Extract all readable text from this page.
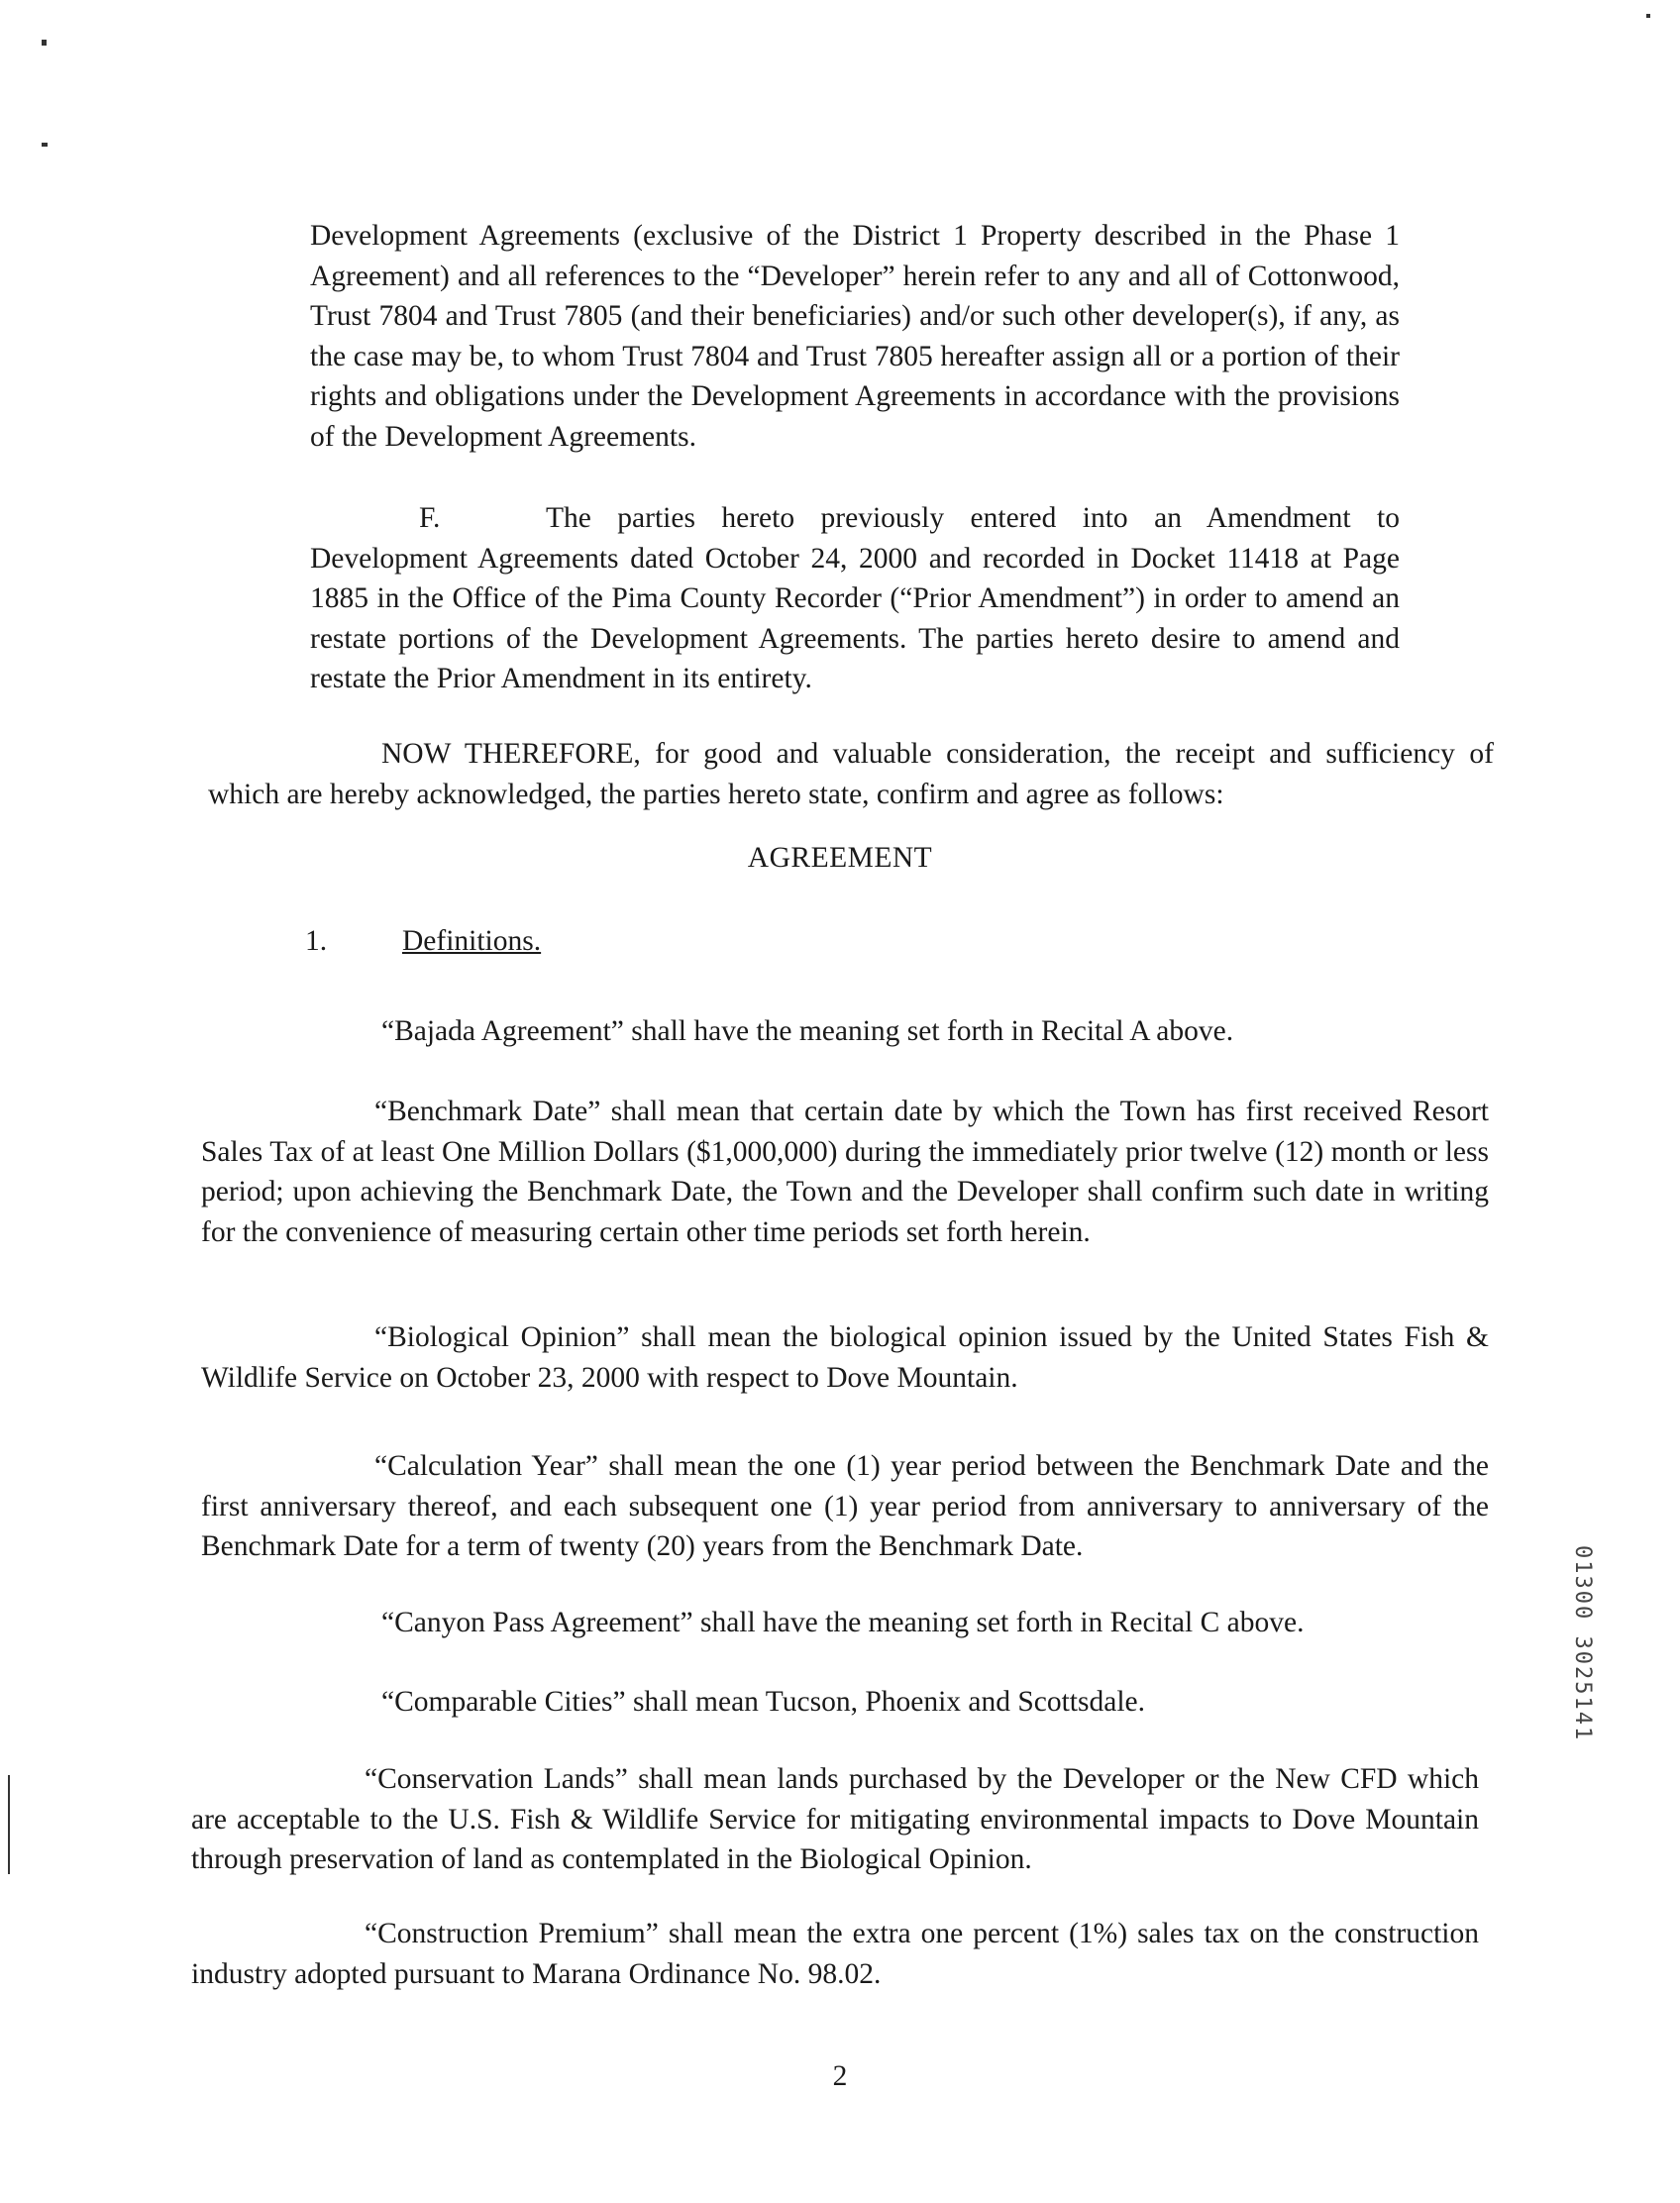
Development Agreements (exclusive of the District 1 Property described in the Phase 1 Agreement) and all references to the “Developer” herein refer to any and all of Cottonwood, Trust 7804 and Trust 7805 (and their beneficiaries) and/or such other developer(s), if any, as the case may be, to whom Trust 7804 and Trust 7805 hereafter assign all or a portion of their rights and obligations under the Development Agreements in accordance with the provisions of the Development Agreements.

F.	The parties hereto previously entered into an Amendment to Development Agreements dated October 24, 2000 and recorded in Docket 11418 at Page 1885 in the Office of the Pima County Recorder (“Prior Amendment”) in order to amend an restate portions of the Development Agreements. The parties hereto desire to amend and restate the Prior Amendment in its entirety.

NOW THEREFORE, for good and valuable consideration, the receipt and sufficiency of which are hereby acknowledged, the parties hereto state, confirm and agree as follows:

AGREEMENT
1.	Definitions.

“Bajada Agreement” shall have the meaning set forth in Recital A above.

“Benchmark Date” shall mean that certain date by which the Town has first received Resort Sales Tax of at least One Million Dollars ($1,000,000) during the immediately prior twelve (12) month or less period; upon achieving the Benchmark Date, the Town and the Developer shall confirm such date in writing for the convenience of measuring certain other time periods set forth herein.

“Biological Opinion” shall mean the biological opinion issued by the United States Fish & Wildlife Service on October 23, 2000 with respect to Dove Mountain.

“Calculation Year” shall mean the one (1) year period between the Benchmark Date and the first anniversary thereof, and each subsequent one (1) year period from anniversary to anniversary of the Benchmark Date for a term of twenty (20) years from the Benchmark Date.

“Canyon Pass Agreement” shall have the meaning set forth in Recital C above.

“Comparable Cities” shall mean Tucson, Phoenix and Scottsdale.

“Conservation Lands” shall mean lands purchased by the Developer or the New CFD which are acceptable to the U.S. Fish & Wildlife Service for mitigating environmental impacts to Dove Mountain through preservation of land as contemplated in the Biological Opinion.

“Construction Premium” shall mean the extra one percent (1%) sales tax on the construction industry adopted pursuant to Marana Ordinance No. 98.02.

2
01300 3025141
